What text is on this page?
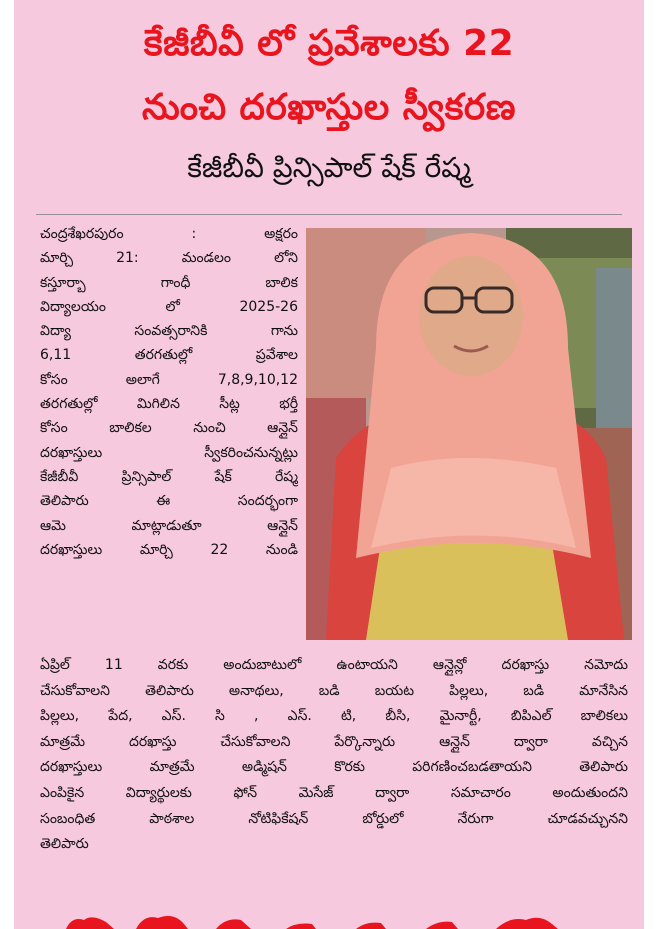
కేజీబీవీ లో ప్రవేశాలకు 22
నుంచి దరఖాస్తుల స్వీకరణ
కేజీబీవీ ప్రిన్సిపాల్ షేక్ రేష్మ
చంద్రశేఖరపురం : అక్షరం
మార్చి 21: మండలం లోని
కస్తూర్బా గాంధీ బాలిక
విద్యాలయం లో 2025-26
విద్యా సంవత్సరానికి గాను
6,11 తరగతుల్లో ప్రవేశాల
కోసం అలాగే 7,8,9,10,12
తరగతుల్లో మిగిలిన సీట్ల భర్తీ
కోసం బాలికల నుంచి ఆన్లైన్
దరఖాస్తులు స్వీకరించనున్నట్లు
కేజీబీవీ ప్రిన్సిపాల్ షేక్ రేష్మ
తెలిపారు ఈ సందర్భంగా
ఆమె మాట్లాడుతూ ఆన్లైన్
దరఖాస్తులు మార్చి 22 నుండి
ఏప్రిల్ 11 వరకు అందుబాటులో ఉంటాయని ఆన్లైన్లో దరఖాస్తు నమోదు
చేసుకోవాలని తెలిపారు అనాథలు, బడి బయట పిల్లలు, బడి మానేసిన
పిల్లలు, పేద, ఎస్. సి , ఎస్. టి, బీసి, మైనార్టీ, బిపిఎల్ బాలికలు
మాత్రమే దరఖాస్తు చేసుకోవాలని పేర్కొన్నారు ఆన్లైన్ ద్వారా వచ్చిన
దరఖాస్తులు మాత్రమే అడ్మిషన్ కొరకు పరిగణించబడతాయని తెలిపారు
ఎంపికైన విద్యార్థులకు ఫోన్ మెసేజ్ ద్వారా సమాచారం అందుతుందని
సంబంధిత పాఠశాల నోటిఫికేషన్ బోర్డులో నేరుగా చూడవచ్చునని
తెలిపారు
